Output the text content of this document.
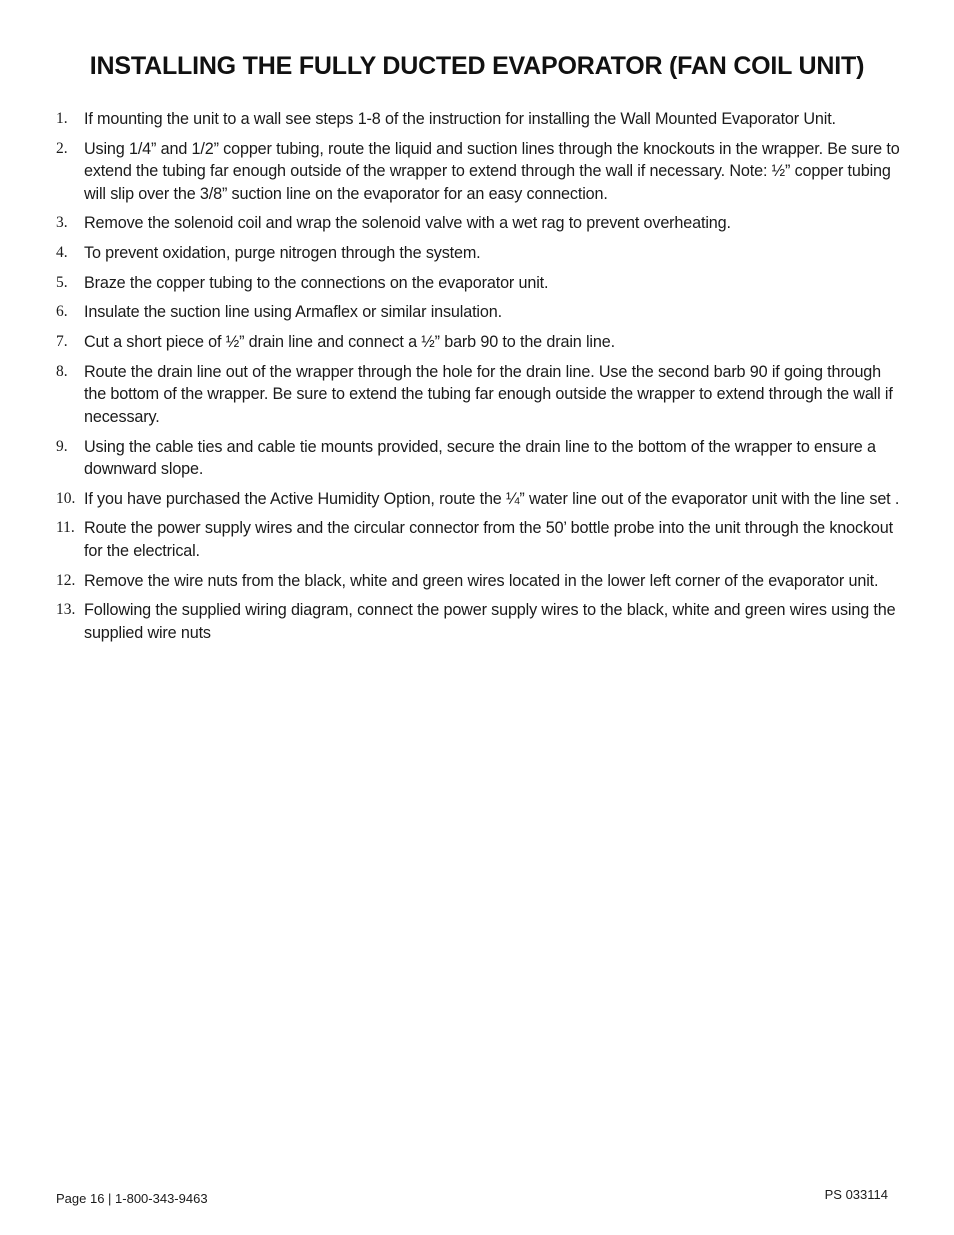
INSTALLING THE FULLY DUCTED EVAPORATOR (FAN COIL UNIT)
1.	If mounting the unit to a wall see steps 1-8 of the instruction for installing the Wall Mounted Evaporator Unit.
2.	Using 1/4” and 1/2” copper tubing, route the liquid and suction lines through the knockouts in the wrapper. Be sure to extend the tubing far enough outside of the wrapper to extend through the wall if necessary. Note: ½” copper tubing will slip over the 3/8” suction line on the evaporator for an easy connection.
3.	Remove the solenoid coil and wrap the solenoid valve with a wet rag to prevent overheating.
4.	To prevent oxidation, purge nitrogen through the system.
5.	Braze the copper tubing to the connections on the evaporator unit.
6.	Insulate the suction line using Armaflex or similar insulation.
7.	Cut a short piece of ½” drain line and connect a ½” barb 90 to the drain line.
8.	Route the drain line out of the wrapper through the hole for the drain line. Use the second barb 90 if going through the bottom of the wrapper. Be sure to extend the tubing far enough outside the wrapper to extend through the wall if necessary.
9.	Using the cable ties and cable tie mounts provided, secure the drain line to the bottom of the wrapper to ensure a downward slope.
10. If you have purchased the Active Humidity Option, route the ¼” water line out of the evaporator unit with the line set .
11. Route the power supply wires and the circular connector from the 50’ bottle probe into the unit through the knockout for the electrical.
12. Remove the wire nuts from the black, white and green wires located in the lower left corner of the evaporator unit.
13. Following the supplied wiring diagram, connect the power supply wires to the black, white and green wires using the supplied wire nuts
Page 16 | 1-800-343-9463	PS 033114
